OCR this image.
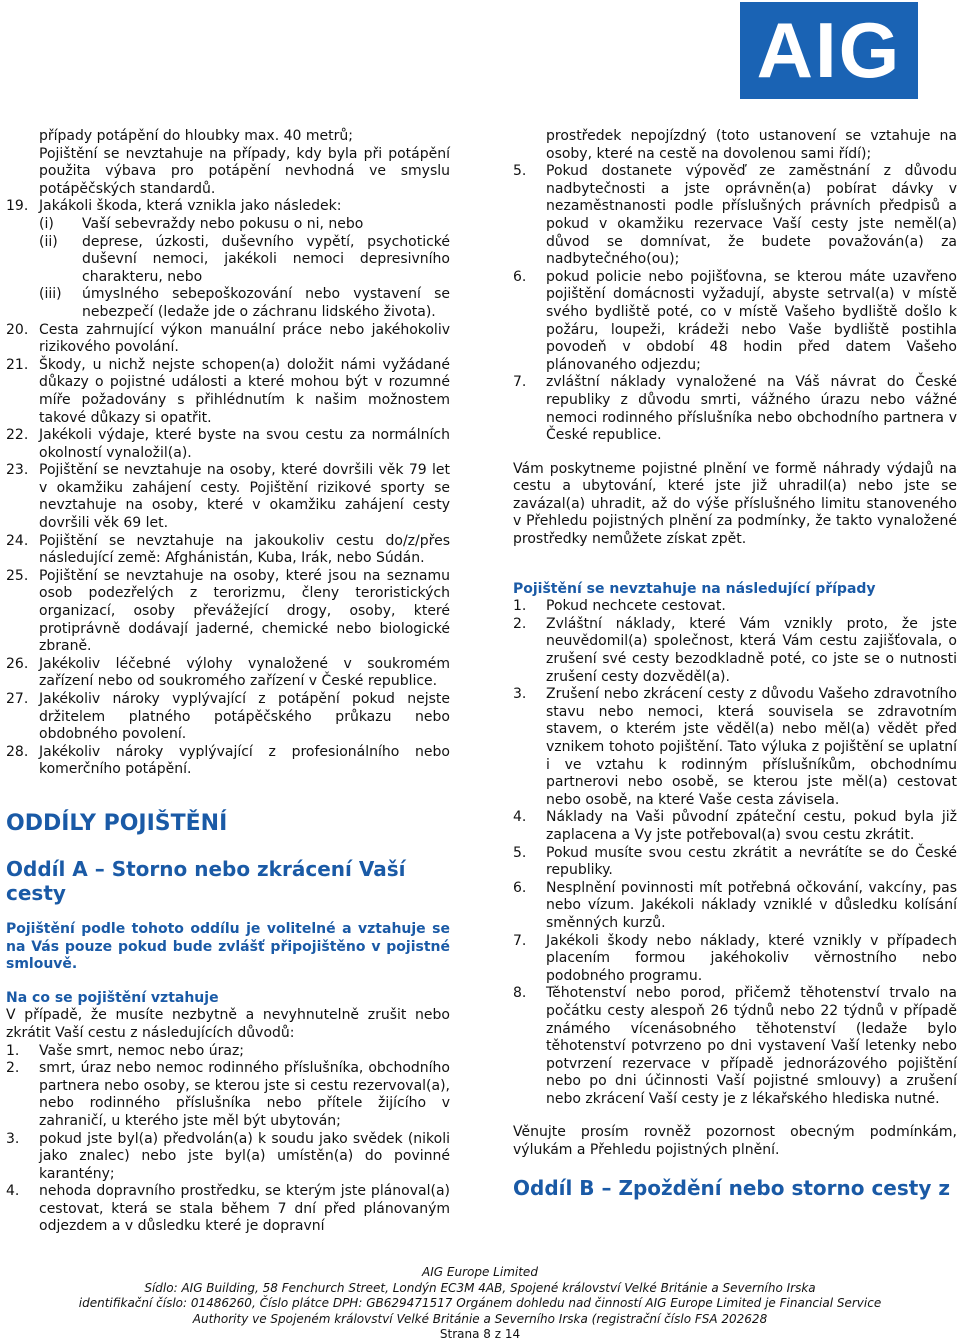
AIG
případy potápění do hloubky max. 40 metrů;
Pojištění se nevztahuje na případy, kdy byla při potápění použita výbava pro potápění nevhodná ve smyslu potápěčských standardů.
19. Jakákoli škoda, která vznikla jako následek:
(i)	Vaší sebevraždy nebo pokusu o ni, nebo
(ii)	deprese, úzkosti, duševního vypětí, psychotické duševní nemoci, jakékoli nemoci depresivního charakteru, nebo
(iii)	úmyslného sebepoškozování nebo vystavení se nebezpečí (ledaže jde o záchranu lidského života).
20. Cesta zahrnující výkon manuální práce nebo jakéhokoliv rizikového povolání.
21. Škody, u nichž nejste schopen(a) doložit námi vyžádané důkazy o pojistné události a které mohou být v rozumné míře požadovány s přihlédnutím k našim možnostem takové důkazy si opatřit.
22. Jakékoli výdaje, které byste na svou cestu za normálních okolností vynaložil(a).
23. Pojištění se nevztahuje na osoby, které dovršili věk 79 let v okamžiku zahájení cesty. Pojištění rizikové sporty se nevztahuje na osoby, které v okamžiku zahájení cesty dovršili věk 69 let.
24. Pojištění se nevztahuje na jakoukoliv cestu do/z/přes následující země: Afghánistán, Kuba, Irák, nebo Súdán.
25. Pojištění se nevztahuje na osoby, které jsou na seznamu osob podezřelých z terorizmu, členy teroristických organizací, osoby převážející drogy, osoby, které protiprávně dodávají jaderné, chemické nebo biologické zbraně.
26. Jakékoliv léčebné výlohy vynaložené v soukromém zařízení nebo od soukromého zařízení v České republice.
27. Jakékoliv nároky vyplývající z potápění pokud nejste držitelem platného potápěčského průkazu nebo obdobného povolení.
28. Jakékoliv nároky vyplývající z profesionálního nebo komerčního potápění.
ODDÍLY POJIŠTĚNÍ
Oddíl A – Storno nebo zkrácení Vaší cesty
Pojištění podle tohoto oddílu je volitelné a vztahuje se na Vás pouze pokud bude zvlášť připojištěno v pojistné smlouvě.
Na co se pojištění vztahuje
V případě, že musíte nezbytně a nevyhnutelně zrušit nebo zkrátit Vaší cestu z následujících důvodů:
1.	Vaše smrt, nemoc nebo úraz;
2.	smrt, úraz nebo nemoc rodinného příslušníka, obchodního partnera nebo osoby, se kterou jste si cestu rezervoval(a), nebo rodinného příslušníka nebo přítele žijícího v zahraničí, u kterého jste měl být ubytován;
3.	pokud jste byl(a) předvolán(a) k soudu jako svědek (nikoli jako znalec) nebo jste byl(a) umístěn(a) do povinné karantény;
4.	nehoda dopravního prostředku, se kterým jste plánoval(a) cestovat, která se stala během 7 dní před plánovaným odjezdem a v důsledku které je dopravní
prostředek nepojízdný (toto ustanovení se vztahuje na osoby, které na cestě na dovolenou sami řídí);
5.	Pokud dostanete výpověď ze zaměstnání z důvodu nadbytečnosti a jste oprávněn(a) pobírat dávky v nezaměstnanosti podle příslušných právních předpisů a pokud v okamžiku rezervace Vaší cesty jste neměl(a) důvod se domnívat, že budete považován(a) za nadbytečného(ou);
6.	pokud policie nebo pojišťovna, se kterou máte uzavřeno pojištění domácnosti vyžadují, abyste setrval(a) v místě svého bydliště poté, co v místě Vašeho bydliště došlo k požáru, loupeži, krádeži nebo Vaše bydliště postihla povodeň v období 48 hodin před datem Vašeho plánovaného odjezdu;
7.	zvláštní náklady vynaložené na Váš návrat do České republiky z důvodu smrti, vážného úrazu nebo vážné nemoci rodinného příslušníka nebo obchodního partnera v České republice.
Vám poskytneme pojistné plnění ve formě náhrady výdajů na cestu a ubytování, které jste již uhradil(a) nebo jste se zavázal(a) uhradit, až do výše příslušného limitu stanoveného v Přehledu pojistných plnění za podmínky, že takto vynaložené prostředky nemůžete získat zpět.
Pojištění se nevztahuje na následující případy
1.	Pokud nechcete cestovat.
2.	Zvláštní náklady, které Vám vznikly proto, že jste neuvědomil(a) společnost, která Vám cestu zajišťovala, o zrušení své cesty bezodkladně poté, co jste se o nutnosti zrušení cesty dozvěděl(a).
3.	Zrušení nebo zkrácení cesty z důvodu Vašeho zdravotního stavu nebo nemoci, která souvisela se zdravotním stavem, o kterém jste věděl(a) nebo měl(a) vědět před vznikem tohoto pojištění. Tato výluka z pojištění se uplatní i ve vztahu k rodinným příslušníkům, obchodnímu partnerovi nebo osobě, se kterou jste měl(a) cestovat nebo osobě, na které Vaše cesta závisela.
4.	Náklady na Vaši původní zpáteční cestu, pokud byla již zaplacena a Vy jste potřeboval(a) svou cestu zkrátit.
5.	Pokud musíte svou cestu zkrátit a nevrátíte se do České republiky.
6.	Nesplnění povinnosti mít potřebná očkování, vakcíny, pas nebo vízum. Jakékoli náklady vzniklé v důsledku kolísání směnných kurzů.
7.	Jakékoli škody nebo náklady, které vznikly v případech placením formou jakéhokoliv věrnostního nebo podobného programu.
8.	Těhotenství nebo porod, přičemž těhotenství trvalo na počátku cesty alespoň 26 týdnů nebo 22 týdnů v případě známého vícenásobného těhotenství (ledaže bylo těhotenství potvrzeno po dni vystavení Vaší letenky nebo potvrzení rezervace v případě jednorázového pojištění nebo po dni účinnosti Vaší pojistné smlouvy) a zrušení nebo zkrácení Vaší cesty je z lékařského hlediska nutné.
Věnujte prosím rovněž pozornost obecným podmínkám, výlukám a Přehledu pojistných plnění.
Oddíl B – Zpoždění nebo storno cesty z
AIG Europe Limited
Sídlo: AIG Building, 58 Fenchurch Street, Londýn EC3M 4AB, Spojené království Velké Británie a Severního Irska
identifikační číslo: 01486260, Číslo plátce DPH: GB629471517 Orgánem dohledu nad činností AIG Europe Limited je Financial Service
Authority ve Spojeném království Velké Británie a Severního Irska (registrační číslo FSA 202628
Strana 8 z 14
